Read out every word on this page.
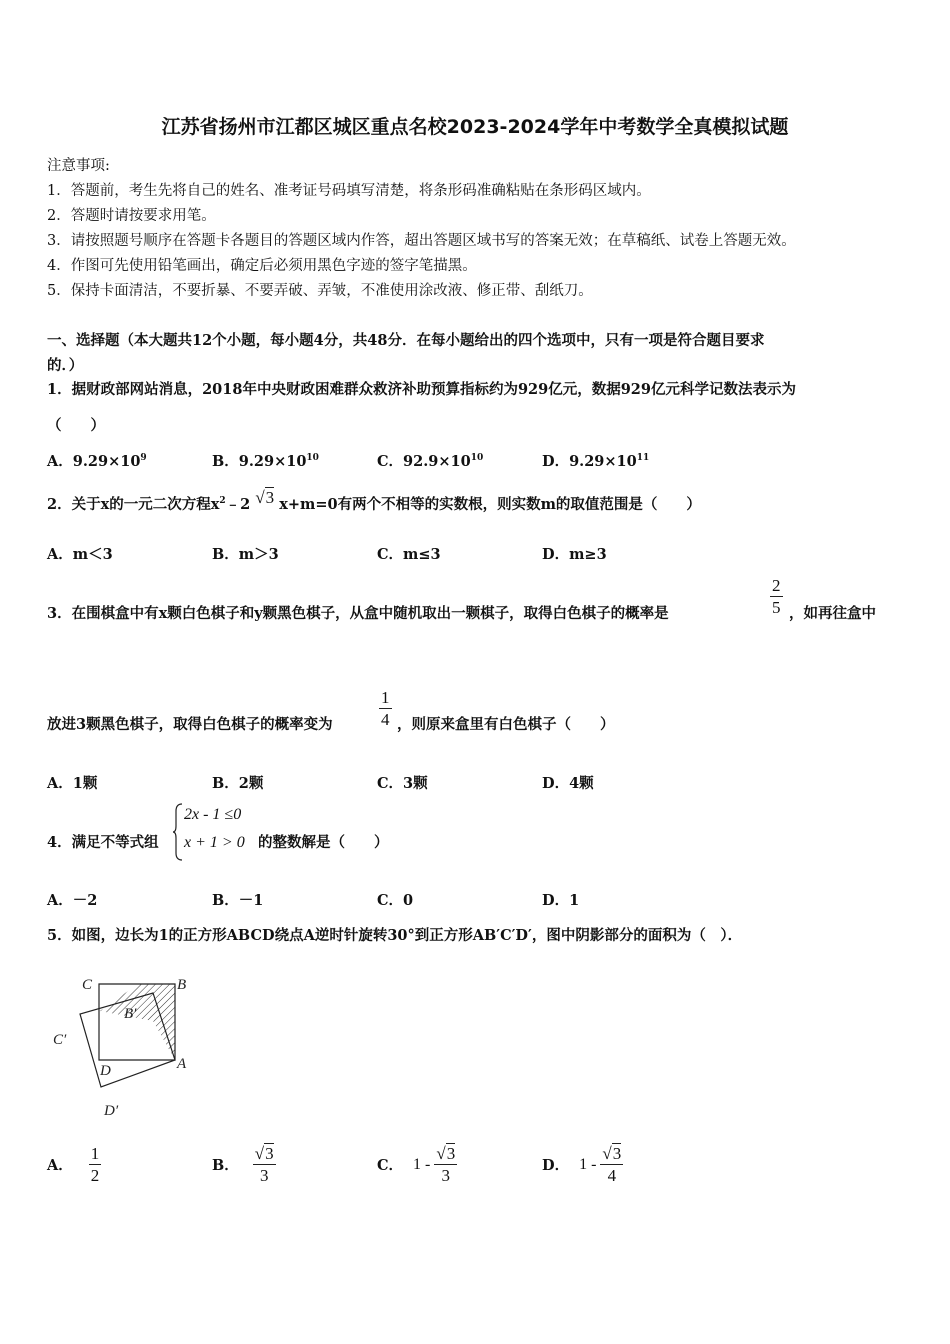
江苏省扬州市江都区城区重点名校2023-2024学年中考数学全真模拟试题
注意事项:
1．答题前，考生先将自己的姓名、准考证号码填写清楚，将条形码准确粘贴在条形码区域内。
2．答题时请按要求用笔。
3．请按照题号顺序在答题卡各题目的答题区域内作答，超出答题区域书写的答案无效；在草稿纸、试卷上答题无效。
4．作图可先使用铅笔画出，确定后必须用黑色字迹的签字笔描黑。
5．保持卡面清洁，不要折暴、不要弄破、弄皱，不准使用涂改液、修正带、刮纸刀。
一、选择题（本大题共12个小题，每小题4分，共48分．在每小题给出的四个选项中，只有一项是符合题目要求
的．）
1．据财政部网站消息，2018年中央财政困难群众救济补助预算指标约为929亿元，数据929亿元科学记数法表示为
（　　）
A．$9.29\times 10^9$	B．$9.29\times 10^{10}$	C．$92.9\times 10^{10}$	D．$9.29\times 10^{11}$
2．关于x的一元二次方程$x^2﹣2$ √3 x+m=0有两个不相等的实数根，则实数m的取值范围是（　　）
A．m＜3	B．m＞3	C．m≤3	D．m≥3
3．在围棋盒中有x颗白色棋子和y颗黑色棋子，从盒中随机取出一颗棋子，取得白色棋子的概率是	$\frac{2}{5}$ ，如再往盒中
放进3颗黑色棋子，取得白色棋子的概率变为	$\frac{1}{4}$ ，则原来盒里有白色棋子（　　）
A．1颗	B．2颗	C．3颗	D．4颗
4．满足不等式组
2x - 1 ≤0
x + 1 > 0 的整数解是（　　）
A．－2	B．－1	C．0	D．1
5．如图，边长为1的正方形ABCD绕点A逆时针旋转30°到正方形AB′C′D′，图中阴影部分的面积为（　）．
C	B
B′
C′
D	A
D′
A． $\frac{1}{2}$	B． $\frac{√3}{3}$	C． $1 - \frac{√3}{3}$	D． $1 - \frac{√3}{4}$
